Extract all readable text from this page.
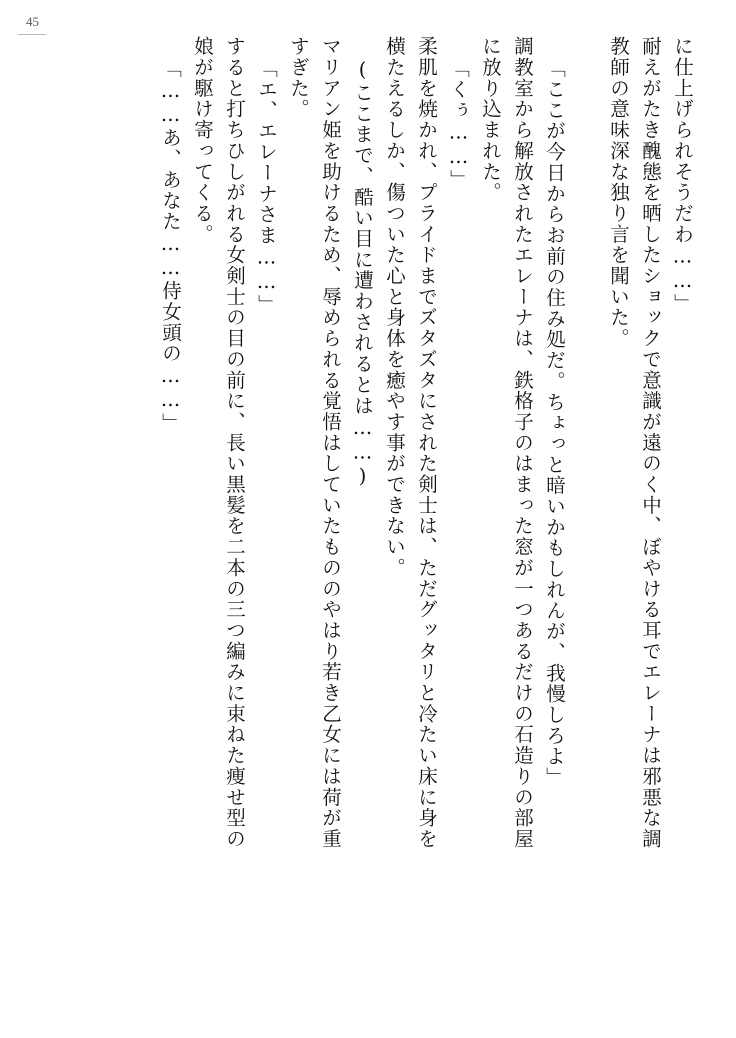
45
に仕上げられそうだわ……」
耐えがたき醜態を晒したショックで意識が遠のく中、ぼやける耳でエレーナは邪悪な調
教師の意味深な独り言を聞いた。
「ここが今日からお前の住み処だ。ちょっと暗いかもしれんが、我慢しろよ」
調教室から解放されたエレーナは、鉄格子のはまった窓が一つあるだけの石造りの部屋
に放り込まれた。
「くぅ……」
柔肌を焼かれ、プライドまでズタズタにされた剣士は、ただグッタリと冷たい床に身を
横たえるしか、傷ついた心と身体を癒やす事ができない。
(ここまで、酷い目に遭わされるとは……)
マリアン姫を助けるため、辱められる覚悟はしていたもののやはり若き乙女には荷が重
すぎた。
「エ、エレーナさま……」
すると打ちひしがれる女剣士の目の前に、長い黒髪を二本の三つ編みに束ねた痩せ型の
娘が駆け寄ってくる。
「……あ、あなた……侍女頭の……」
